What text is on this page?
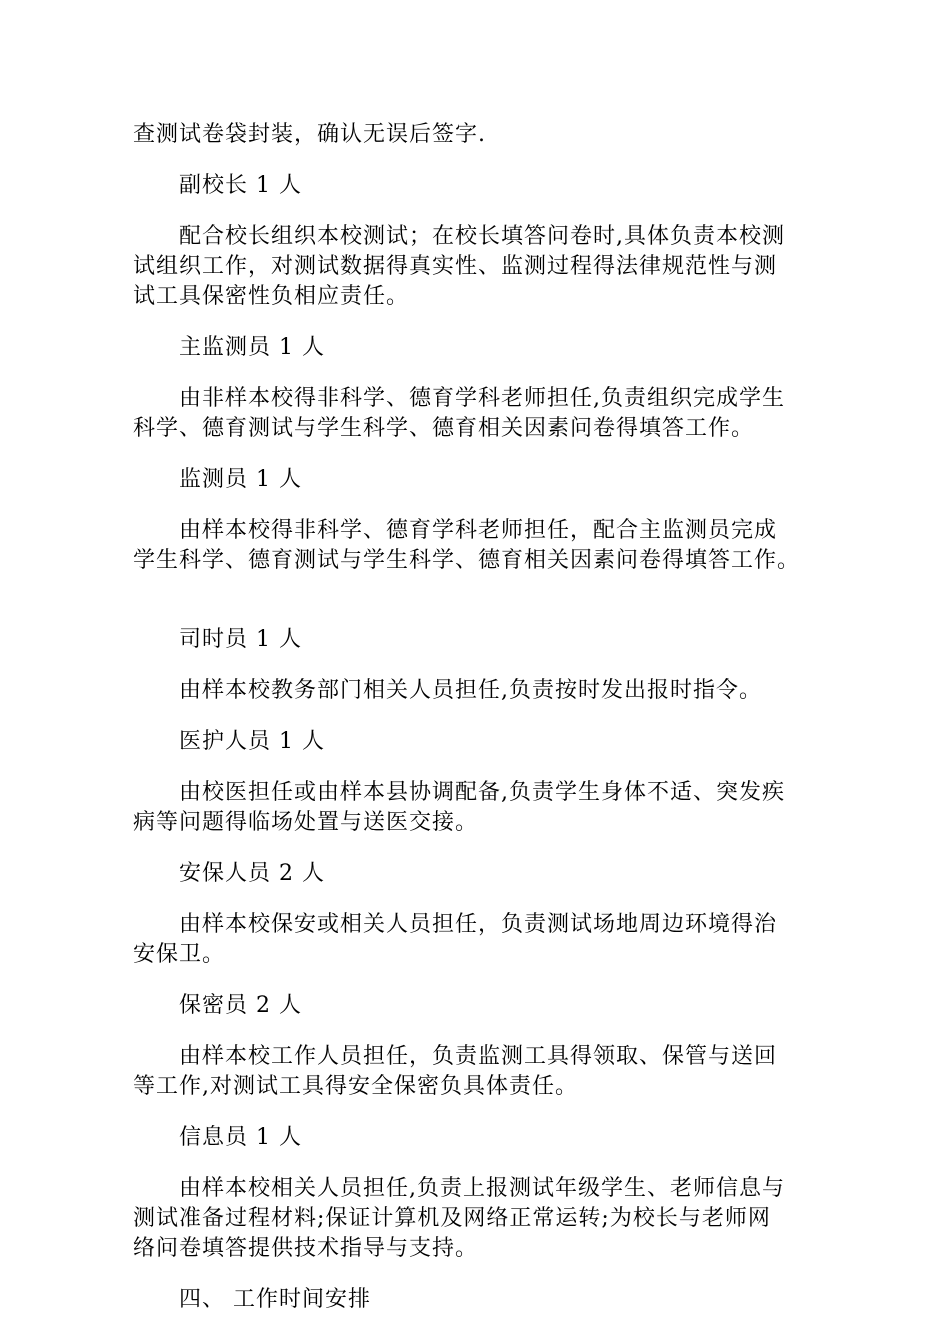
查测试卷袋封装，确认无误后签字.
副校长 1 人
配合校长组织本校测试；在校长填答问卷时,具体负责本校测
试组织工作，对测试数据得真实性、监测过程得法律规范性与测
试工具保密性负相应责任。
主监测员 1 人
由非样本校得非科学、德育学科老师担任,负责组织完成学生
科学、德育测试与学生科学、德育相关因素问卷得填答工作。
监测员 1 人
由样本校得非科学、德育学科老师担任，配合主监测员完成
学生科学、德育测试与学生科学、德育相关因素问卷得填答工作。
司时员 1 人
由样本校教务部门相关人员担任,负责按时发出报时指令。
医护人员 1 人
由校医担任或由样本县协调配备,负责学生身体不适、突发疾
病等问题得临场处置与送医交接。
安保人员 2 人
由样本校保安或相关人员担任，负责测试场地周边环境得治
安保卫。
保密员 2 人
由样本校工作人员担任，负责监测工具得领取、保管与送回
等工作,对测试工具得安全保密负具体责任。
信息员 1 人
由样本校相关人员担任,负责上报测试年级学生、老师信息与
测试准备过程材料;保证计算机及网络正常运转;为校长与老师网
络问卷填答提供技术指导与支持。
四、 工作时间安排
